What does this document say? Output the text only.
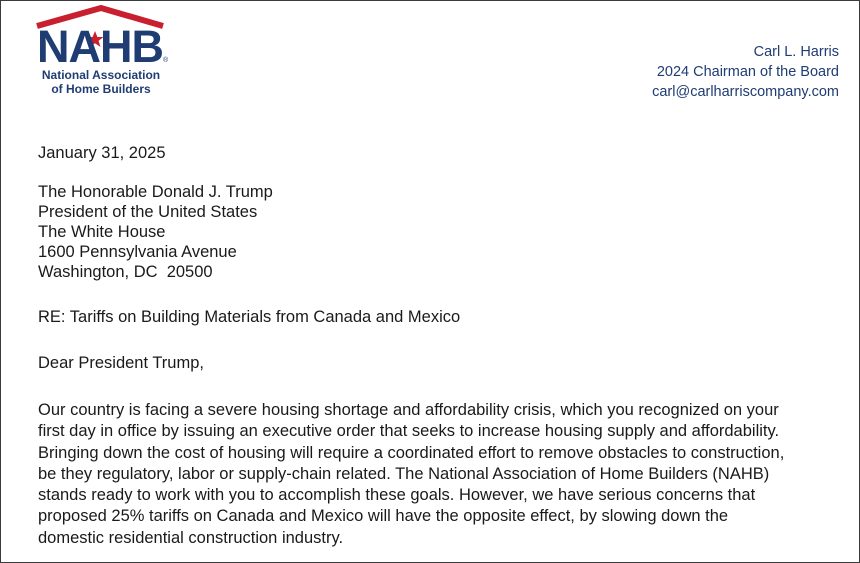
NAHB ®
National Association
of Home Builders
Carl L. Harris
2024 Chairman of the Board
carl@carlharriscompany.com
January 31, 2025
The Honorable Donald J. Trump
President of the United States
The White House
1600 Pennsylvania Avenue
Washington, DC  20500
RE: Tariffs on Building Materials from Canada and Mexico
Dear President Trump,
Our country is facing a severe housing shortage and affordability crisis, which you recognized on your
first day in office by issuing an executive order that seeks to increase housing supply and affordability.
Bringing down the cost of housing will require a coordinated effort to remove obstacles to construction,
be they regulatory, labor or supply-chain related. The National Association of Home Builders (NAHB)
stands ready to work with you to accomplish these goals. However, we have serious concerns that
proposed 25% tariffs on Canada and Mexico will have the opposite effect, by slowing down the
domestic residential construction industry.
